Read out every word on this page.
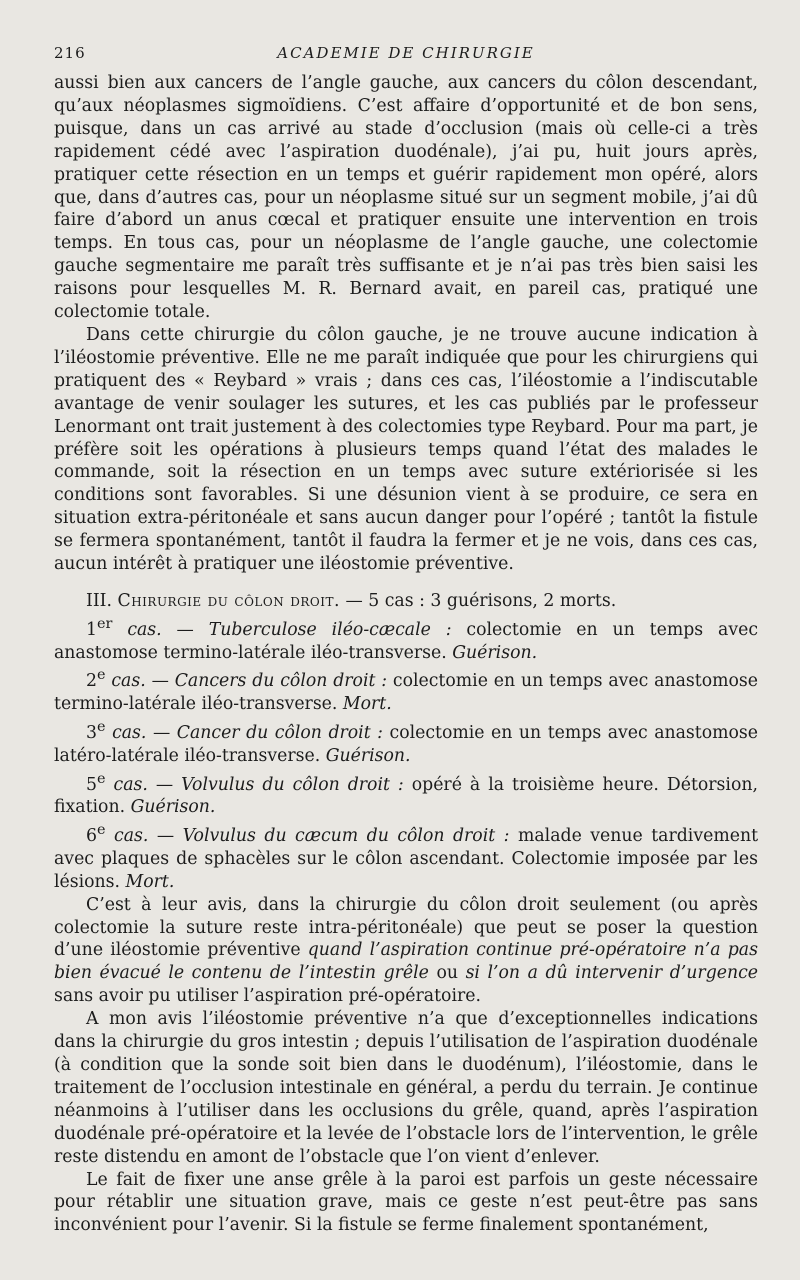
216	ACADEMIE DE CHIRURGIE

aussi bien aux cancers de l’angle gauche, aux cancers du côlon descendant, qu’aux néoplasmes sigmoïdiens. C’est affaire d’opportunité et de bon sens, puisque, dans un cas arrivé au stade d’occlusion (mais où celle-ci a très rapidement cédé avec l’aspiration duodénale), j’ai pu, huit jours après, pratiquer cette résection en un temps et guérir rapidement mon opéré, alors que, dans d’autres cas, pour un néoplasme situé sur un segment mobile, j’ai dû faire d’abord un anus cœcal et pratiquer ensuite une intervention en trois temps. En tous cas, pour un néoplasme de l’angle gauche, une colectomie gauche segmentaire me paraît très suffisante et je n’ai pas très bien saisi les raisons pour lesquelles M. R. Bernard avait, en pareil cas, pratiqué une colectomie totale.

Dans cette chirurgie du côlon gauche, je ne trouve aucune indication à l’iléostomie préventive. Elle ne me paraît indiquée que pour les chirurgiens qui pratiquent des « Reybard » vrais ; dans ces cas, l’iléostomie a l’indiscutable avantage de venir soulager les sutures, et les cas publiés par le professeur Lenormant ont trait justement à des colectomies type Reybard. Pour ma part, je préfère soit les opérations à plusieurs temps quand l’état des malades le commande, soit la résection en un temps avec suture extériorisée si les conditions sont favorables. Si une désunion vient à se produire, ce sera en situation extra-péritonéale et sans aucun danger pour l’opéré ; tantôt la fistule se fermera spontanément, tantôt il faudra la fermer et je ne vois, dans ces cas, aucun intérêt à pratiquer une iléostomie préventive.

III. Chirurgie du côlon droit. — 5 cas : 3 guérisons, 2 morts.

1er cas. — Tuberculose iléo-cæcale : colectomie en un temps avec anastomose termino-latérale iléo-transverse. Guérison.

2e cas. — Cancers du côlon droit : colectomie en un temps avec anastomose termino-latérale iléo-transverse. Mort.

3e cas. — Cancer du côlon droit : colectomie en un temps avec anastomose latéro-latérale iléo-transverse. Guérison.

5e cas. — Volvulus du côlon droit : opéré à la troisième heure. Détorsion, fixation. Guérison.

6e cas. — Volvulus du cæcum du côlon droit : malade venue tardivement avec plaques de sphacèles sur le côlon ascendant. Colectomie imposée par les lésions. Mort.

C’est à leur avis, dans la chirurgie du côlon droit seulement (ou après colectomie la suture reste intra-péritonéale) que peut se poser la question d’une iléostomie préventive quand l’aspiration continue pré-opératoire n’a pas bien évacué le contenu de l’intestin grêle ou si l’on a dû intervenir d’urgence sans avoir pu utiliser l’aspiration pré-opératoire.

A mon avis l’iléostomie préventive n’a que d’exceptionnelles indications dans la chirurgie du gros intestin ; depuis l’utilisation de l’aspiration duodénale (à condition que la sonde soit bien dans le duodénum), l’iléostomie, dans le traitement de l’occlusion intestinale en général, a perdu du terrain. Je continue néanmoins à l’utiliser dans les occlusions du grêle, quand, après l’aspiration duodénale pré-opératoire et la levée de l’obstacle lors de l’intervention, le grêle reste distendu en amont de l’obstacle que l’on vient d’enlever.

Le fait de fixer une anse grêle à la paroi est parfois un geste nécessaire pour rétablir une situation grave, mais ce geste n’est peut-être pas sans inconvénient pour l’avenir. Si la fistule se ferme finalement spontanément,
